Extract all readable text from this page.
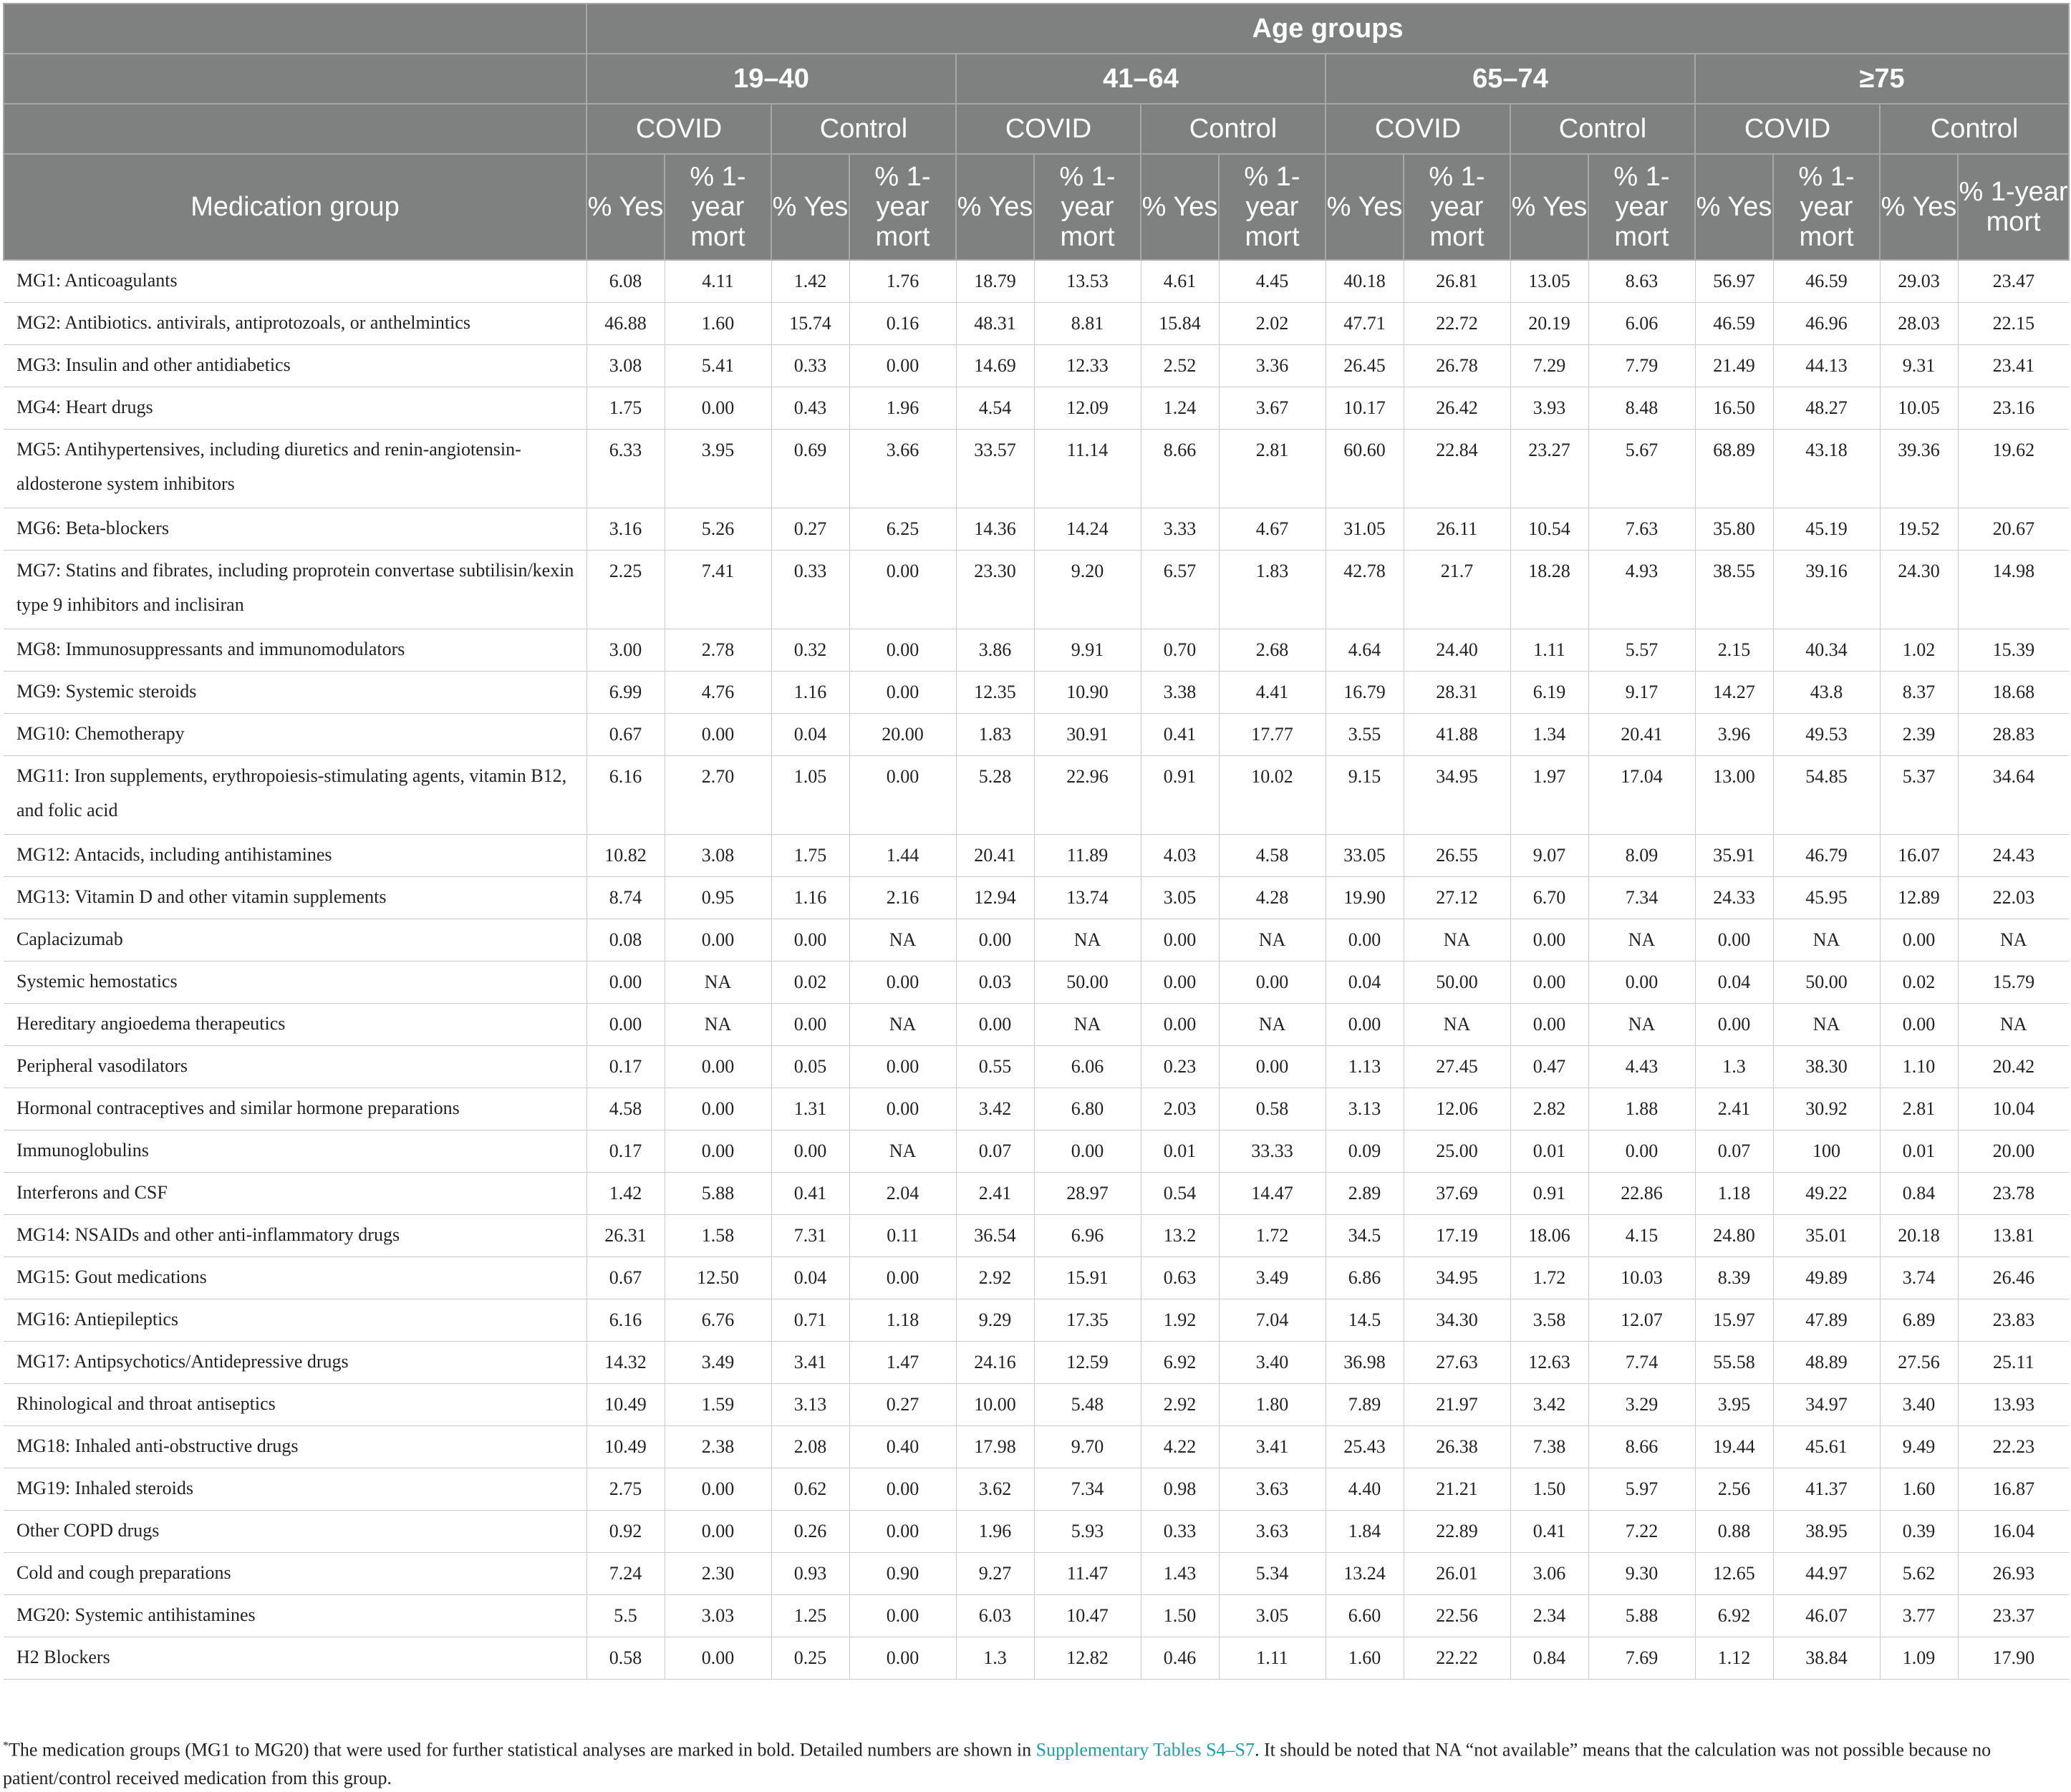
	Age groups															
	19–40				41–64				65–74				≥75			
	COVID		Control		COVID		Control		COVID		Control		COVID		Control	
Medication group	% Yes	% 1-year mort	% Yes	% 1-year mort	% Yes	% 1-year mort	% Yes	% 1-year mort	% Yes	% 1-year mort	% Yes	% 1-year mort	% Yes	% 1-year mort	% Yes	% 1-year mort
MG1: Anticoagulants	6.08	4.11	1.42	1.76	18.79	13.53	4.61	4.45	40.18	26.81	13.05	8.63	56.97	46.59	29.03	23.47
MG2: Antibiotics. antivirals, antiprotozoals, or anthelmintics	46.88	1.60	15.74	0.16	48.31	8.81	15.84	2.02	47.71	22.72	20.19	6.06	46.59	46.96	28.03	22.15
MG3: Insulin and other antidiabetics	3.08	5.41	0.33	0.00	14.69	12.33	2.52	3.36	26.45	26.78	7.29	7.79	21.49	44.13	9.31	23.41
MG4: Heart drugs	1.75	0.00	0.43	1.96	4.54	12.09	1.24	3.67	10.17	26.42	3.93	8.48	16.50	48.27	10.05	23.16
MG5: Antihypertensives, including diuretics and renin-angiotensin-aldosterone system inhibitors	6.33	3.95	0.69	3.66	33.57	11.14	8.66	2.81	60.60	22.84	23.27	5.67	68.89	43.18	39.36	19.62
MG6: Beta-blockers	3.16	5.26	0.27	6.25	14.36	14.24	3.33	4.67	31.05	26.11	10.54	7.63	35.80	45.19	19.52	20.67
MG7: Statins and fibrates, including proprotein convertase subtilisin/kexin type 9 inhibitors and inclisiran	2.25	7.41	0.33	0.00	23.30	9.20	6.57	1.83	42.78	21.7	18.28	4.93	38.55	39.16	24.30	14.98
MG8: Immunosuppressants and immunomodulators	3.00	2.78	0.32	0.00	3.86	9.91	0.70	2.68	4.64	24.40	1.11	5.57	2.15	40.34	1.02	15.39
MG9: Systemic steroids	6.99	4.76	1.16	0.00	12.35	10.90	3.38	4.41	16.79	28.31	6.19	9.17	14.27	43.8	8.37	18.68
MG10: Chemotherapy	0.67	0.00	0.04	20.00	1.83	30.91	0.41	17.77	3.55	41.88	1.34	20.41	3.96	49.53	2.39	28.83
MG11: Iron supplements, erythropoiesis-stimulating agents, vitamin B12, and folic acid	6.16	2.70	1.05	0.00	5.28	22.96	0.91	10.02	9.15	34.95	1.97	17.04	13.00	54.85	5.37	34.64
MG12: Antacids, including antihistamines	10.82	3.08	1.75	1.44	20.41	11.89	4.03	4.58	33.05	26.55	9.07	8.09	35.91	46.79	16.07	24.43
MG13: Vitamin D and other vitamin supplements	8.74	0.95	1.16	2.16	12.94	13.74	3.05	4.28	19.90	27.12	6.70	7.34	24.33	45.95	12.89	22.03
Caplacizumab	0.08	0.00	0.00	NA	0.00	NA	0.00	NA	0.00	NA	0.00	NA	0.00	NA	0.00	NA
Systemic hemostatics	0.00	NA	0.02	0.00	0.03	50.00	0.00	0.00	0.04	50.00	0.00	0.00	0.04	50.00	0.02	15.79
Hereditary angioedema therapeutics	0.00	NA	0.00	NA	0.00	NA	0.00	NA	0.00	NA	0.00	NA	0.00	NA	0.00	NA
Peripheral vasodilators	0.17	0.00	0.05	0.00	0.55	6.06	0.23	0.00	1.13	27.45	0.47	4.43	1.3	38.30	1.10	20.42
Hormonal contraceptives and similar hormone preparations	4.58	0.00	1.31	0.00	3.42	6.80	2.03	0.58	3.13	12.06	2.82	1.88	2.41	30.92	2.81	10.04
Immunoglobulins	0.17	0.00	0.00	NA	0.07	0.00	0.01	33.33	0.09	25.00	0.01	0.00	0.07	100	0.01	20.00
Interferons and CSF	1.42	5.88	0.41	2.04	2.41	28.97	0.54	14.47	2.89	37.69	0.91	22.86	1.18	49.22	0.84	23.78
MG14: NSAIDs and other anti-inflammatory drugs	26.31	1.58	7.31	0.11	36.54	6.96	13.2	1.72	34.5	17.19	18.06	4.15	24.80	35.01	20.18	13.81
MG15: Gout medications	0.67	12.50	0.04	0.00	2.92	15.91	0.63	3.49	6.86	34.95	1.72	10.03	8.39	49.89	3.74	26.46
MG16: Antiepileptics	6.16	6.76	0.71	1.18	9.29	17.35	1.92	7.04	14.5	34.30	3.58	12.07	15.97	47.89	6.89	23.83
MG17: Antipsychotics/Antidepressive drugs	14.32	3.49	3.41	1.47	24.16	12.59	6.92	3.40	36.98	27.63	12.63	7.74	55.58	48.89	27.56	25.11
Rhinological and throat antiseptics	10.49	1.59	3.13	0.27	10.00	5.48	2.92	1.80	7.89	21.97	3.42	3.29	3.95	34.97	3.40	13.93
MG18: Inhaled anti-obstructive drugs	10.49	2.38	2.08	0.40	17.98	9.70	4.22	3.41	25.43	26.38	7.38	8.66	19.44	45.61	9.49	22.23
MG19: Inhaled steroids	2.75	0.00	0.62	0.00	3.62	7.34	0.98	3.63	4.40	21.21	1.50	5.97	2.56	41.37	1.60	16.87
Other COPD drugs	0.92	0.00	0.26	0.00	1.96	5.93	0.33	3.63	1.84	22.89	0.41	7.22	0.88	38.95	0.39	16.04
Cold and cough preparations	7.24	2.30	0.93	0.90	9.27	11.47	1.43	5.34	13.24	26.01	3.06	9.30	12.65	44.97	5.62	26.93
MG20: Systemic antihistamines	5.5	3.03	1.25	0.00	6.03	10.47	1.50	3.05	6.60	22.56	2.34	5.88	6.92	46.07	3.77	23.37
H2 Blockers	0.58	0.00	0.25	0.00	1.3	12.82	0.46	1.11	1.60	22.22	0.84	7.69	1.12	38.84	1.09	17.90
*The medication groups (MG1 to MG20) that were used for further statistical analyses are marked in bold. Detailed numbers are shown in Supplementary Tables S4–S7. It should be noted that NA “not available” means that the calculation was not possible because no patient/control received medication from this group.
